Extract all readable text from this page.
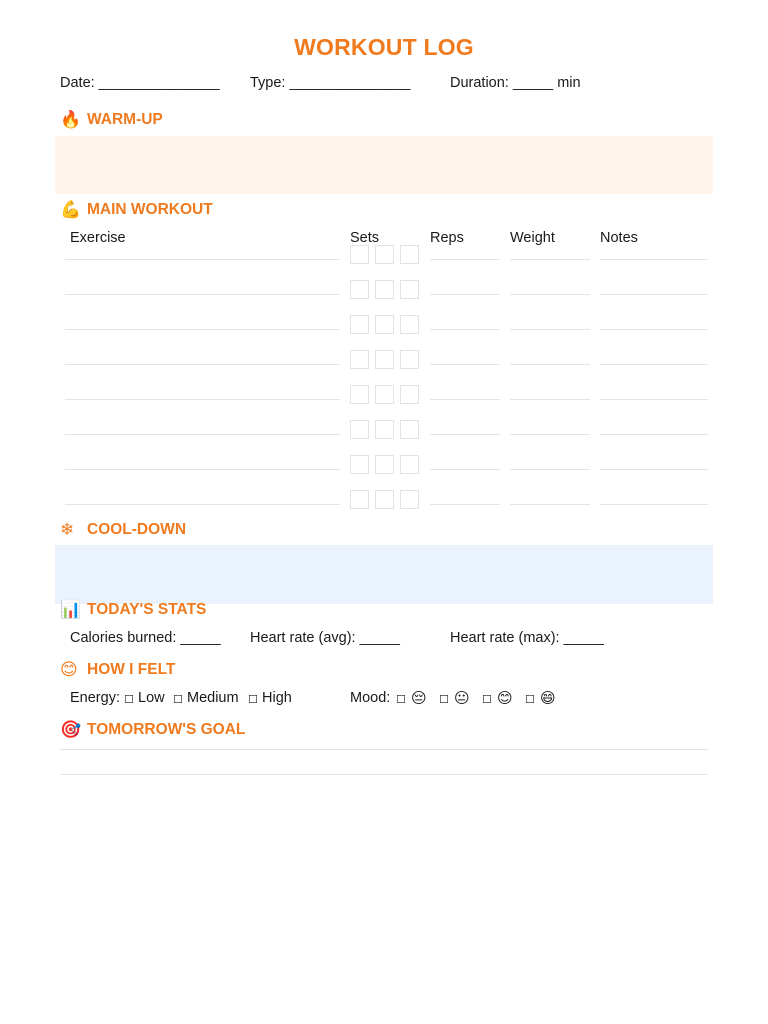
WORKOUT LOG
Date: _______________ Type: _______________	Duration: _____ min
🔥 WARM-UP
💪 MAIN WORKOUT
Exercise	Sets	Reps	Weight	Notes
❄ COOL-DOWN
📊 TODAY'S STATS
Calories burned: _____ Heart rate (avg): _____	Heart rate (max): _____
😊 HOW I FELT
Energy: ☐ Low ☐ Medium ☐ High	Mood: ☐ 😔 ☐ 😐 ☐ 😊 ☐ 😄
🎯 TOMORROW'S GOAL
